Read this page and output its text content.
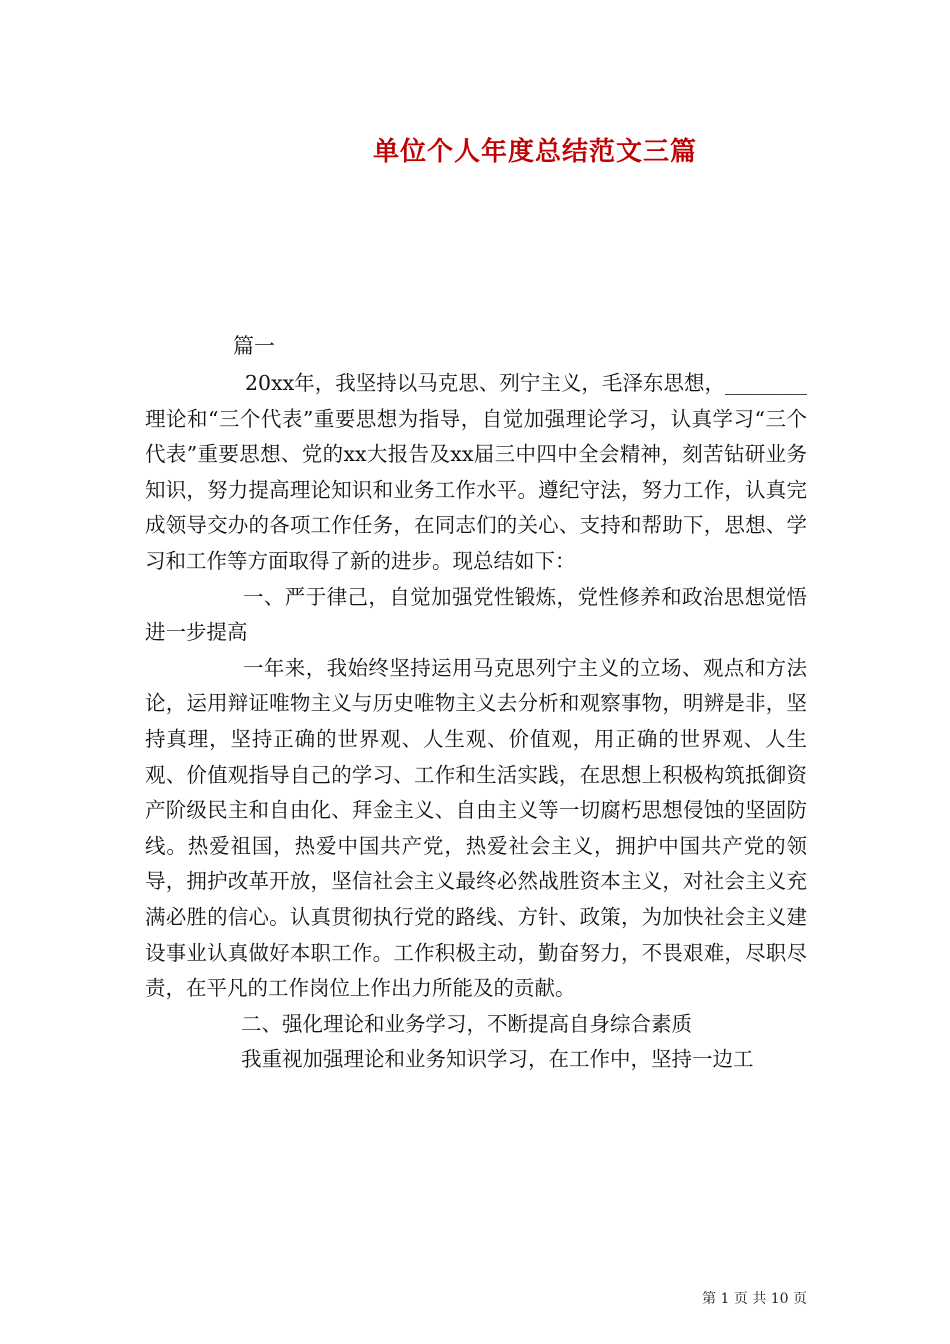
单位个人年度总结范文三篇
篇一

20xx年，我坚持以马克思、列宁主义，毛泽东思想，________理论和“三个代表”重要思想为指导，自觉加强理论学习，认真学习“三个代表”重要思想、党的xx大报告及xx届三中四中全会精神，刻苦钻研业务知识，努力提高理论知识和业务工作水平。遵纪守法，努力工作，认真完成领导交办的各项工作任务，在同志们的关心、支持和帮助下，思想、学习和工作等方面取得了新的进步。现总结如下：

一、严于律己，自觉加强党性锻炼，党性修养和政治思想觉悟进一步提高

一年来，我始终坚持运用马克思列宁主义的立场、观点和方法论，运用辩证唯物主义与历史唯物主义去分析和观察事物，明辨是非，坚持真理，坚持正确的世界观、人生观、价值观，用正确的世界观、人生观、价值观指导自己的学习、工作和生活实践，在思想上积极构筑抵御资产阶级民主和自由化、拜金主义、自由主义等一切腐朽思想侵蚀的坚固防线。热爱祖国，热爱中国共产党，热爱社会主义，拥护中国共产党的领导，拥护改革开放，坚信社会主义最终必然战胜资本主义，对社会主义充满必胜的信心。认真贯彻执行党的路线、方针、政策，为加快社会主义建设事业认真做好本职工作。工作积极主动，勤奋努力，不畏艰难，尽职尽责，在平凡的工作岗位上作出力所能及的贡献。

二、强化理论和业务学习，不断提高自身综合素质

我重视加强理论和业务知识学习，在工作中，坚持一边工

第 1 页 共 10 页
